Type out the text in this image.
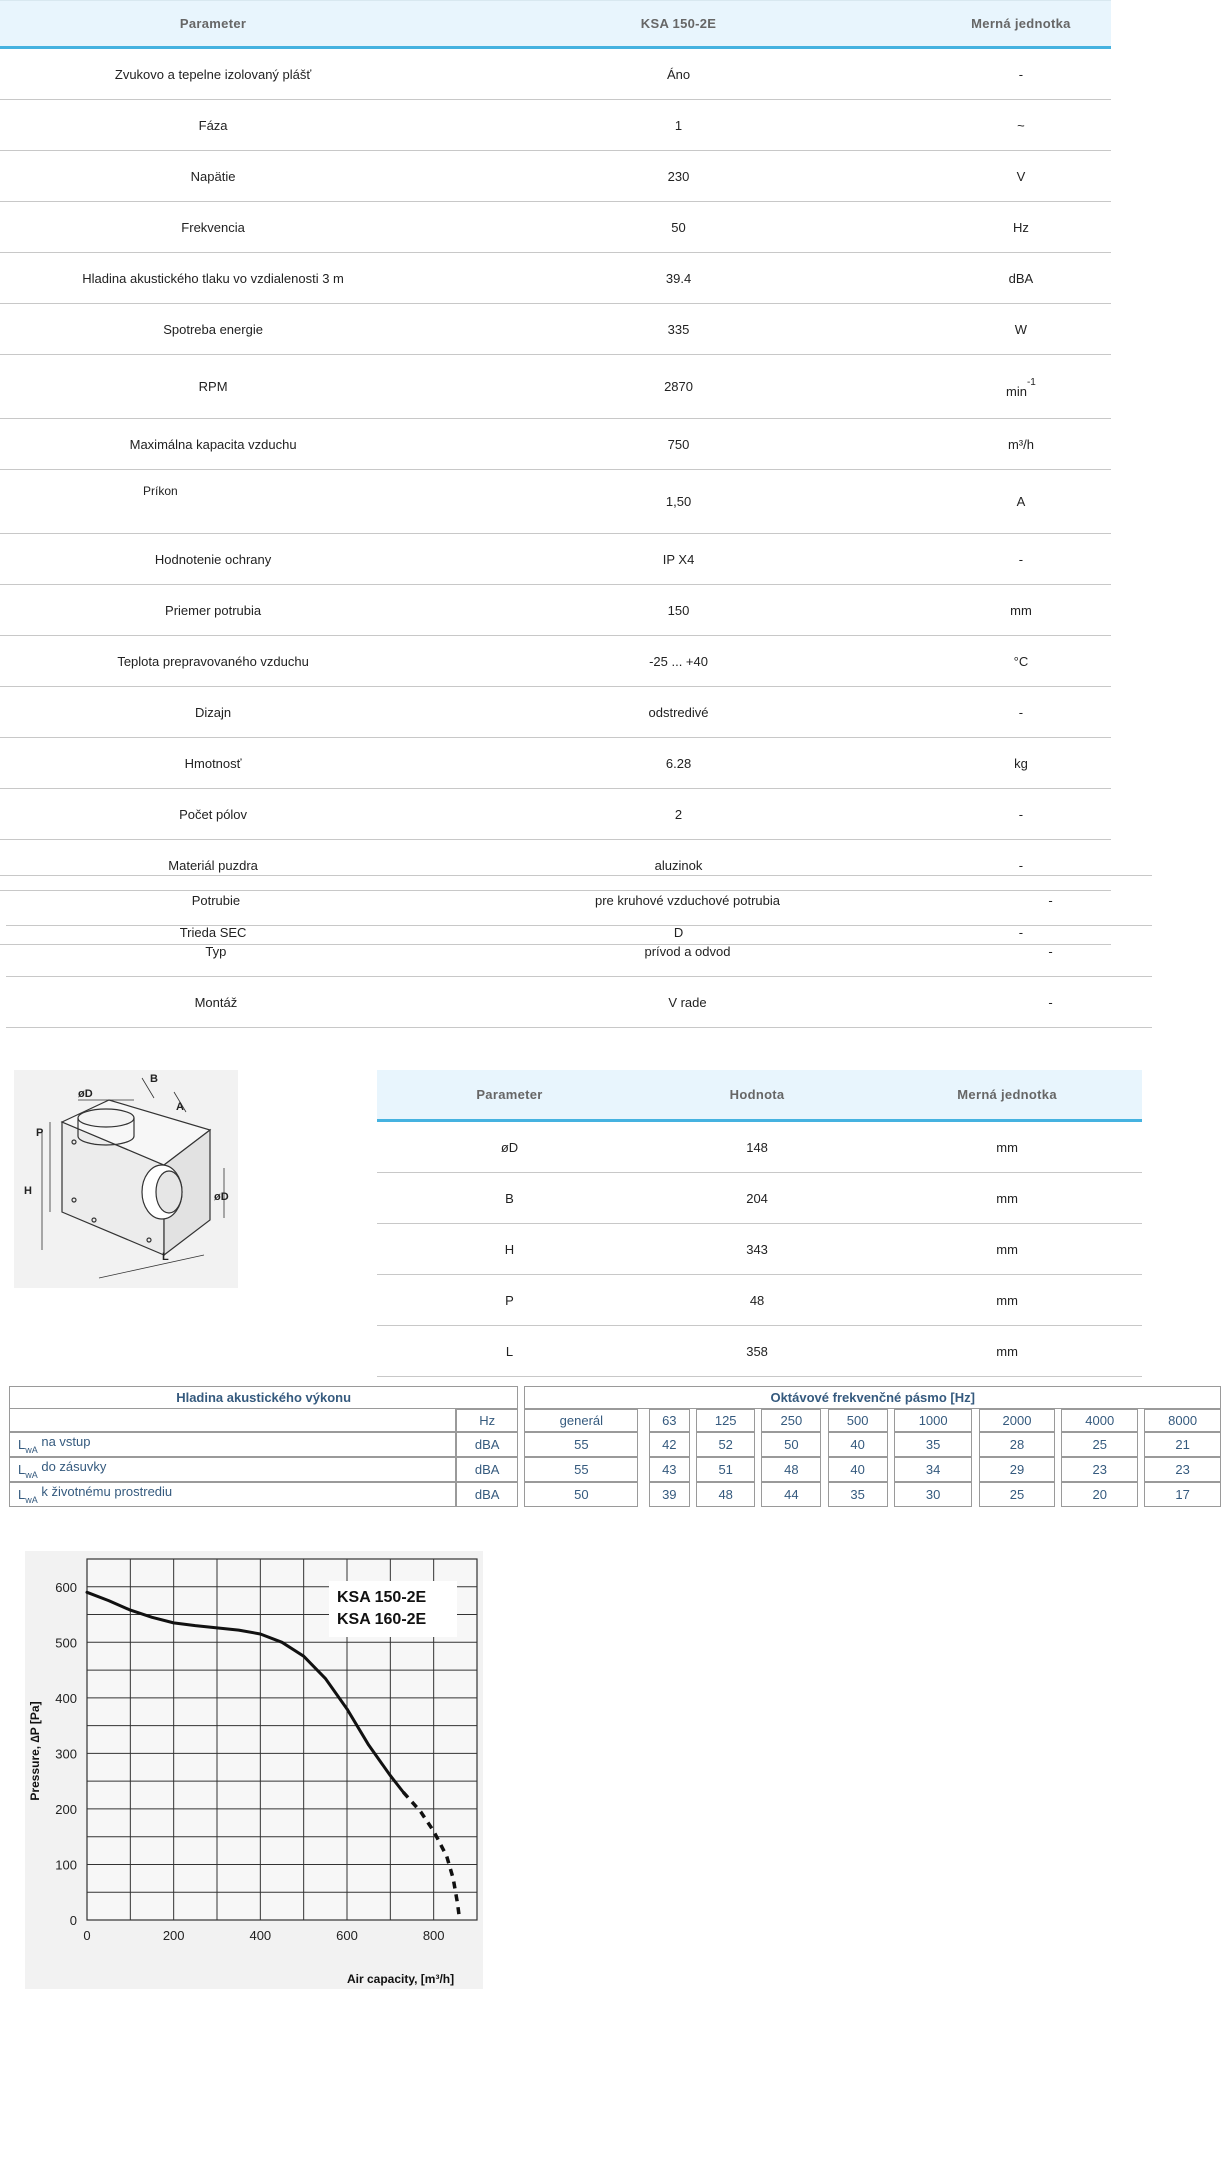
Parameter	KSA 150-2E	Merná jednotka
Zvukovo a tepelne izolovaný plášť	Áno	-
Fáza	1	~
Napätie	230	V
Frekvencia	50	Hz
Hladina akustického tlaku vo vzdialenosti 3 m	39.4	dBA
Spotreba energie	335	W
RPM	2870	min-1
Maximálna kapacita vzduchu	750	m³/h
Príkon	1,50	A
Hodnotenie ochrany	IP X4	-
Priemer potrubia	150	mm
Teplota prepravovaného vzduchu	-25 ... +40	°C
Dizajn	odstredivé	-
Hmotnosť	6.28	kg
Počet pólov	2	-
Materiál puzdra	aluzinok	-
Trieda SEC	D	-
Potrubie	pre kruhové vzduchové potrubia	-
Typ	prívod a odvod	-
Montáž	V rade	-
øD
B
A
P
H	øD
L
Parameter	Hodnota	Merná jednotka
øD	148	mm
B	204	mm
H	343	mm
P	48	mm
L	358	mm
Hladina akustického výkonu			Oktávové frekvenčné pásmo [Hz]																
	Hz		generál		63		125		250		500		1000		2000		4000		8000
$L_{wA}$ na vstup	dBA		55		42		52		50		40		35		28		25		21
$L_{wA}$ do zásuvky	dBA		55		43		51		48		40		34		29		23		23
$L_{wA}$ k životnému prostrediu	dBA		50		39		48		44		35		30		25		20		17
0	200	400	600	800
0
100
200
300
400
500
600
KSA 150-2E
KSA 160-2E
Air capacity, [m³/h]
Pressure, ∆P [Pa]
